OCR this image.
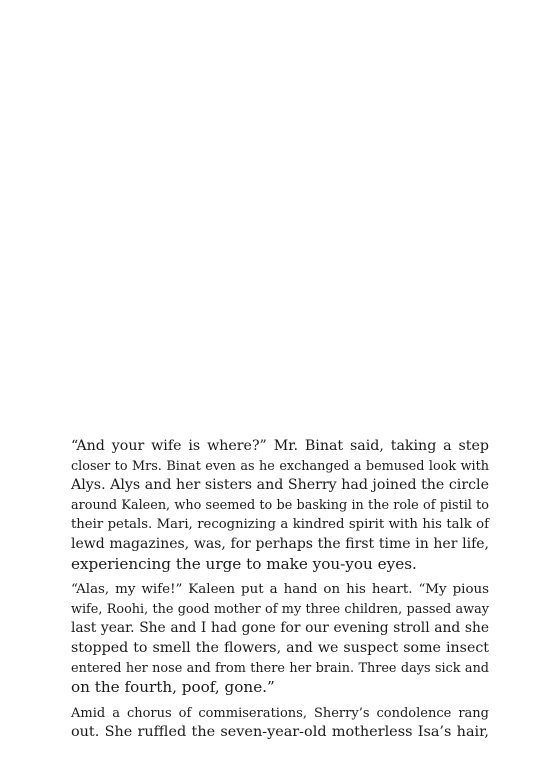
“And your wife is where?” Mr. Binat said, taking a step
closer to Mrs. Binat even as he exchanged a bemused look with
Alys. Alys and her sisters and Sherry had joined the circle
around Kaleen, who seemed to be basking in the role of pistil to
their petals. Mari, recognizing a kindred spirit with his talk of
lewd magazines, was, for perhaps the first time in her life,
experiencing the urge to make you-you eyes.

“Alas, my wife!” Kaleen put a hand on his heart. “My pious
wife, Roohi, the good mother of my three children, passed away
last year. She and I had gone for our evening stroll and she
stopped to smell the flowers, and we suspect some insect
entered her nose and from there her brain. Three days sick and
on the fourth, poof, gone.”

Amid a chorus of commiserations, Sherry’s condolence rang
out. She ruffled the seven-year-old motherless Isa’s hair,
